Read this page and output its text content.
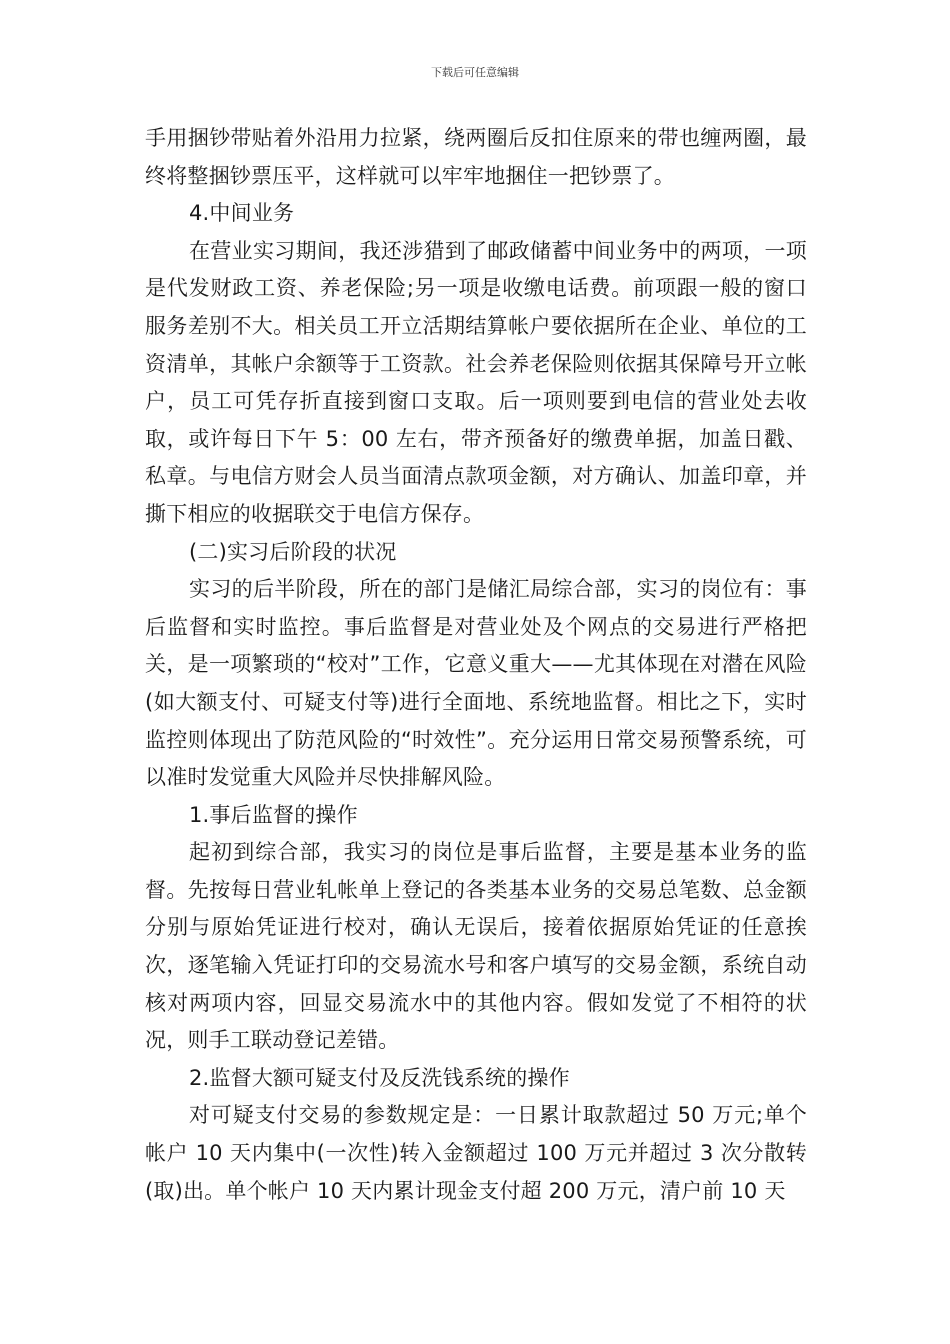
下载后可任意编辑

手用捆钞带贴着外沿用力拉紧，绕两圈后反扣住原来的带也缠两圈，最终将整捆钞票压平，这样就可以牢牢地捆住一把钞票了。

4.中间业务

在营业实习期间，我还涉猎到了邮政储蓄中间业务中的两项，一项是代发财政工资、养老保险;另一项是收缴电话费。前项跟一般的窗口服务差别不大。相关员工开立活期结算帐户要依据所在企业、单位的工资清单，其帐户余额等于工资款。社会养老保险则依据其保障号开立帐户，员工可凭存折直接到窗口支取。后一项则要到电信的营业处去收取，或许每日下午 5：00 左右，带齐预备好的缴费单据，加盖日戳、私章。与电信方财会人员当面清点款项金额，对方确认、加盖印章，并撕下相应的收据联交于电信方保存。

(二)实习后阶段的状况

实习的后半阶段，所在的部门是储汇局综合部，实习的岗位有：事后监督和实时监控。事后监督是对营业处及个网点的交易进行严格把关，是一项繁琐的“校对”工作，它意义重大——尤其体现在对潜在风险(如大额支付、可疑支付等)进行全面地、系统地监督。相比之下，实时监控则体现出了防范风险的“时效性”。充分运用日常交易预警系统，可以准时发觉重大风险并尽快排解风险。

1.事后监督的操作

起初到综合部，我实习的岗位是事后监督，主要是基本业务的监督。先按每日营业轧帐单上登记的各类基本业务的交易总笔数、总金额分别与原始凭证进行校对，确认无误后，接着依据原始凭证的任意挨次，逐笔输入凭证打印的交易流水号和客户填写的交易金额，系统自动核对两项内容，回显交易流水中的其他内容。假如发觉了不相符的状况，则手工联动登记差错。

2.监督大额可疑支付及反洗钱系统的操作

对可疑支付交易的参数规定是：一日累计取款超过 50 万元;单个帐户 10 天内集中(一次性)转入金额超过 100 万元并超过 3 次分散转(取)出。单个帐户 10 天内累计现金支付超 200 万元，清户前 10 天
